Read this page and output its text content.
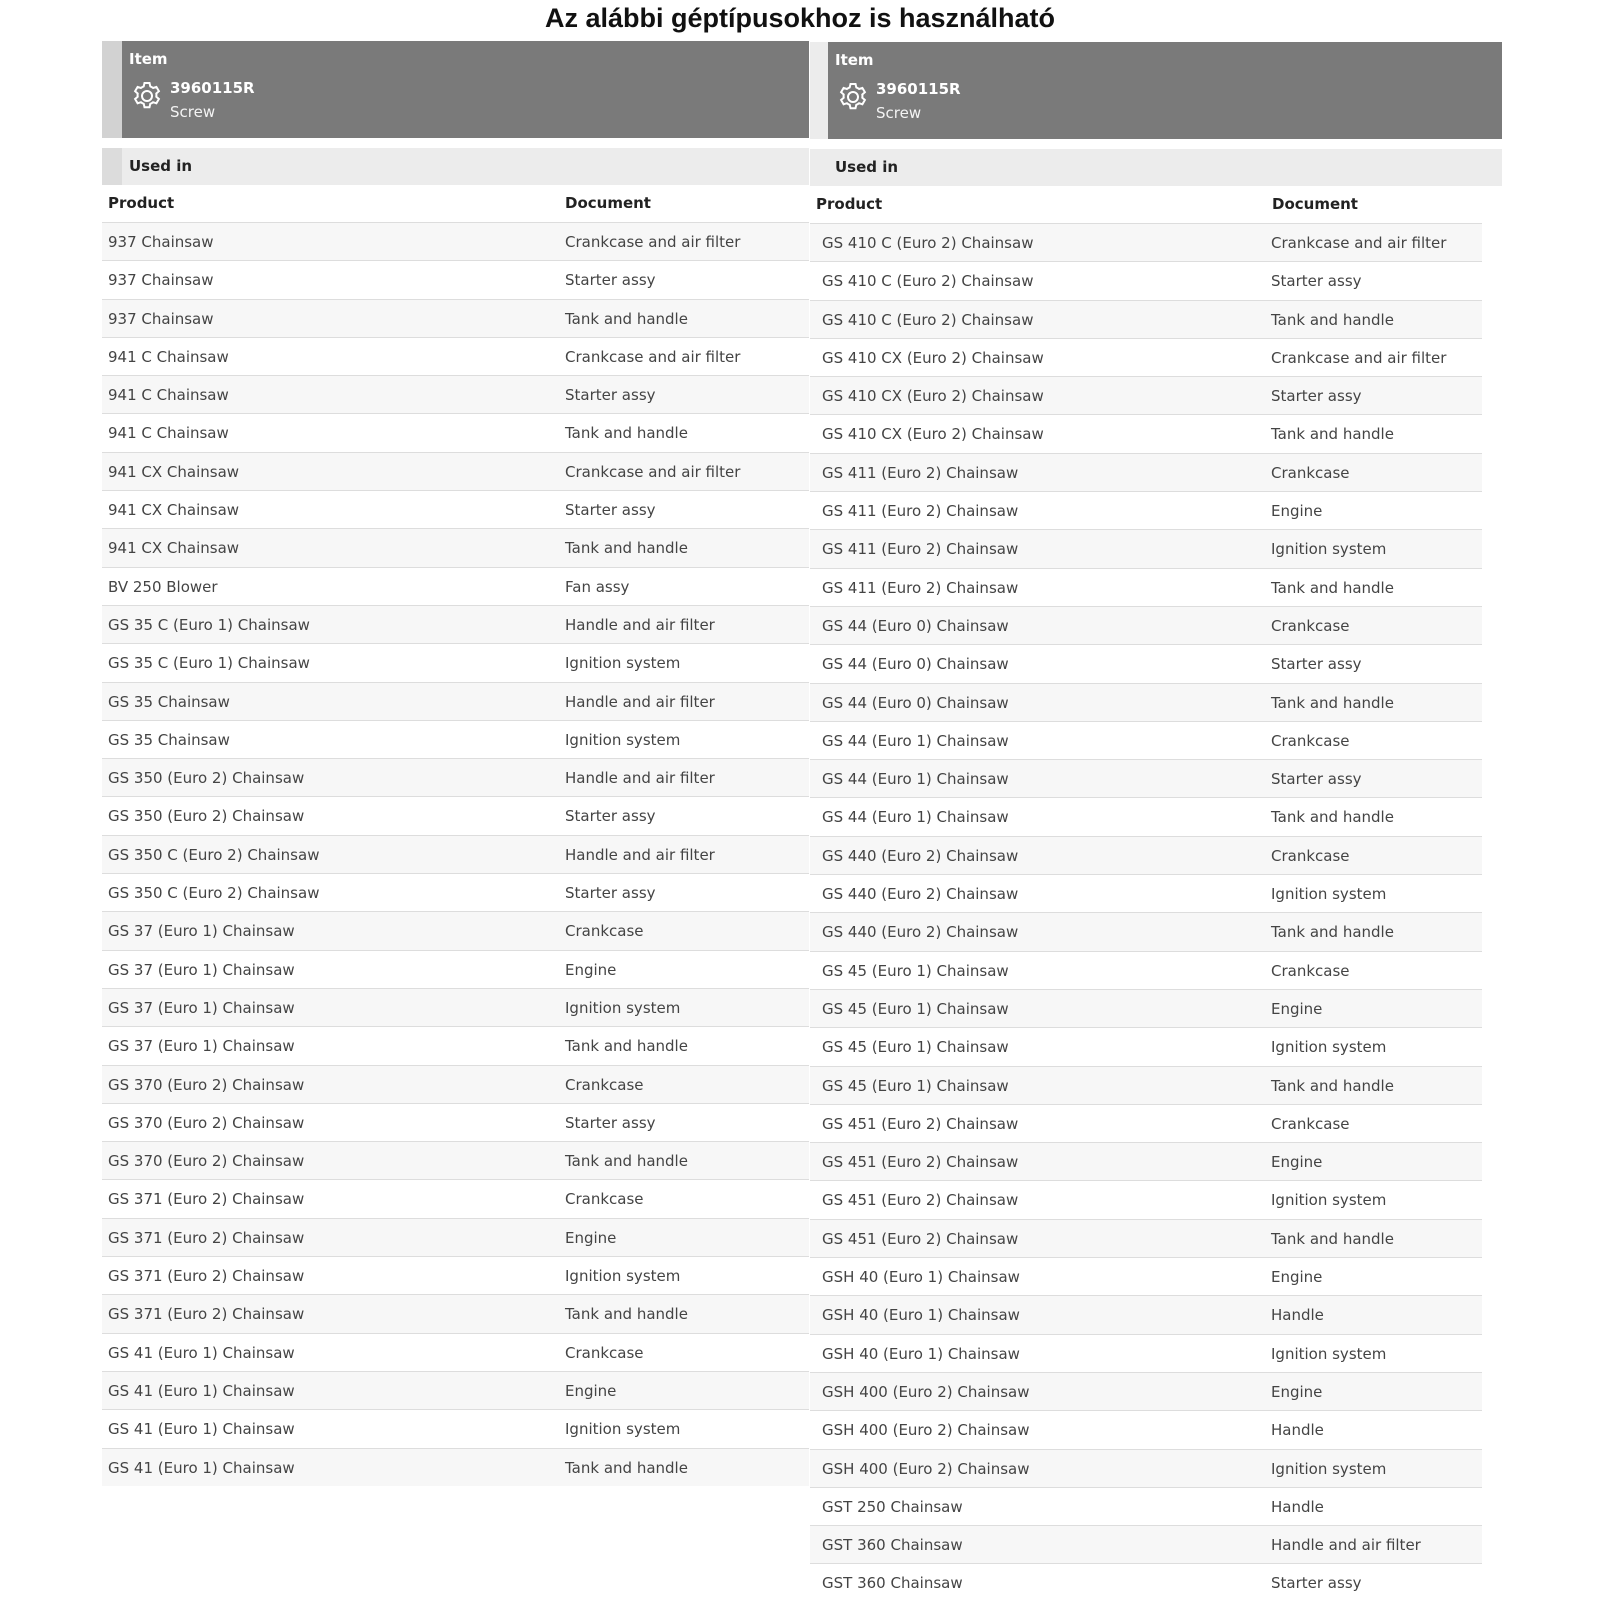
Az alábbi géptípusokhoz is használható
Item
3960115R
Screw
Used in
Product	Document
937 Chainsaw	Crankcase and air filter
937 Chainsaw	Starter assy
937 Chainsaw	Tank and handle
941 C Chainsaw	Crankcase and air filter
941 C Chainsaw	Starter assy
941 C Chainsaw	Tank and handle
941 CX Chainsaw	Crankcase and air filter
941 CX Chainsaw	Starter assy
941 CX Chainsaw	Tank and handle
BV 250 Blower	Fan assy
GS 35 C (Euro 1) Chainsaw	Handle and air filter
GS 35 C (Euro 1) Chainsaw	Ignition system
GS 35 Chainsaw	Handle and air filter
GS 35 Chainsaw	Ignition system
GS 350 (Euro 2) Chainsaw	Handle and air filter
GS 350 (Euro 2) Chainsaw	Starter assy
GS 350 C (Euro 2) Chainsaw	Handle and air filter
GS 350 C (Euro 2) Chainsaw	Starter assy
GS 37 (Euro 1) Chainsaw	Crankcase
GS 37 (Euro 1) Chainsaw	Engine
GS 37 (Euro 1) Chainsaw	Ignition system
GS 37 (Euro 1) Chainsaw	Tank and handle
GS 370 (Euro 2) Chainsaw	Crankcase
GS 370 (Euro 2) Chainsaw	Starter assy
GS 370 (Euro 2) Chainsaw	Tank and handle
GS 371 (Euro 2) Chainsaw	Crankcase
GS 371 (Euro 2) Chainsaw	Engine
GS 371 (Euro 2) Chainsaw	Ignition system
GS 371 (Euro 2) Chainsaw	Tank and handle
GS 41 (Euro 1) Chainsaw	Crankcase
GS 41 (Euro 1) Chainsaw	Engine
GS 41 (Euro 1) Chainsaw	Ignition system
GS 41 (Euro 1) Chainsaw	Tank and handle
Item
3960115R
Screw
Used in
Product	Document
GS 410 C (Euro 2) Chainsaw	Crankcase and air filter
GS 410 C (Euro 2) Chainsaw	Starter assy
GS 410 C (Euro 2) Chainsaw	Tank and handle
GS 410 CX (Euro 2) Chainsaw	Crankcase and air filter
GS 410 CX (Euro 2) Chainsaw	Starter assy
GS 410 CX (Euro 2) Chainsaw	Tank and handle
GS 411 (Euro 2) Chainsaw	Crankcase
GS 411 (Euro 2) Chainsaw	Engine
GS 411 (Euro 2) Chainsaw	Ignition system
GS 411 (Euro 2) Chainsaw	Tank and handle
GS 44 (Euro 0) Chainsaw	Crankcase
GS 44 (Euro 0) Chainsaw	Starter assy
GS 44 (Euro 0) Chainsaw	Tank and handle
GS 44 (Euro 1) Chainsaw	Crankcase
GS 44 (Euro 1) Chainsaw	Starter assy
GS 44 (Euro 1) Chainsaw	Tank and handle
GS 440 (Euro 2) Chainsaw	Crankcase
GS 440 (Euro 2) Chainsaw	Ignition system
GS 440 (Euro 2) Chainsaw	Tank and handle
GS 45 (Euro 1) Chainsaw	Crankcase
GS 45 (Euro 1) Chainsaw	Engine
GS 45 (Euro 1) Chainsaw	Ignition system
GS 45 (Euro 1) Chainsaw	Tank and handle
GS 451 (Euro 2) Chainsaw	Crankcase
GS 451 (Euro 2) Chainsaw	Engine
GS 451 (Euro 2) Chainsaw	Ignition system
GS 451 (Euro 2) Chainsaw	Tank and handle
GSH 40 (Euro 1) Chainsaw	Engine
GSH 40 (Euro 1) Chainsaw	Handle
GSH 40 (Euro 1) Chainsaw	Ignition system
GSH 400 (Euro 2) Chainsaw	Engine
GSH 400 (Euro 2) Chainsaw	Handle
GSH 400 (Euro 2) Chainsaw	Ignition system
GST 250 Chainsaw	Handle
GST 360 Chainsaw	Handle and air filter
GST 360 Chainsaw	Starter assy
